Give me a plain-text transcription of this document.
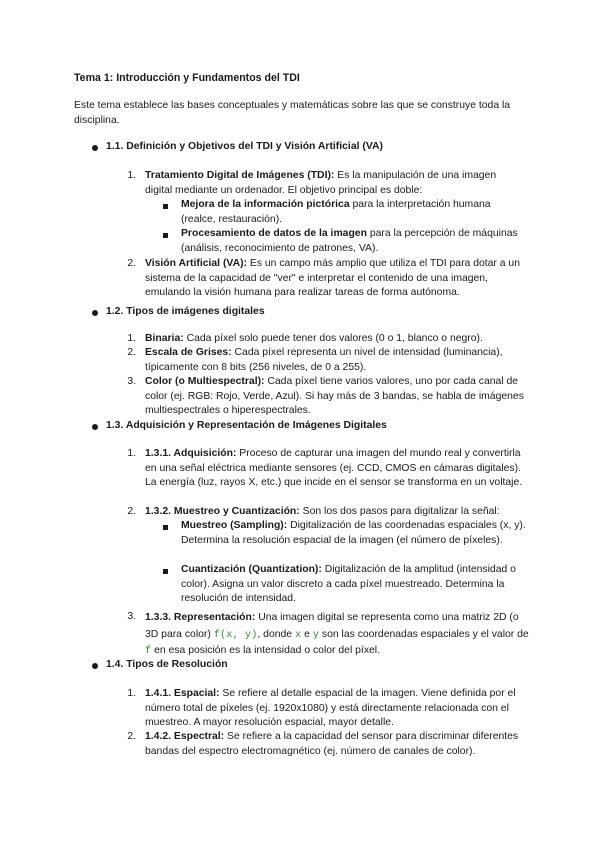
Tema 1: Introducción y Fundamentos del TDI
Este tema establece las bases conceptuales y matemáticas sobre las que se construye toda la disciplina.
1.1. Definición y Objetivos del TDI y Visión Artificial (VA)
1. Tratamiento Digital de Imágenes (TDI): Es la manipulación de una imagen digital mediante un ordenador. El objetivo principal es doble:
Mejora de la información pictórica para la interpretación humana (realce, restauración).
Procesamiento de datos de la imagen para la percepción de máquinas (análisis, reconocimiento de patrones, VA).
2. Visión Artificial (VA): Es un campo más amplio que utiliza el TDI para dotar a un sistema de la capacidad de "ver" e interpretar el contenido de una imagen, emulando la visión humana para realizar tareas de forma autónoma.
1.2. Tipos de imágenes digitales
1. Binaria: Cada píxel solo puede tener dos valores (0 o 1, blanco o negro).
2. Escala de Grises: Cada píxel representa un nivel de intensidad (luminancia), típicamente con 8 bits (256 niveles, de 0 a 255).
3. Color (o Multiespectral): Cada píxel tiene varios valores, uno por cada canal de color (ej. RGB: Rojo, Verde, Azul). Si hay más de 3 bandas, se habla de imágenes multiespectrales o hiperespectrales.
1.3. Adquisición y Representación de Imágenes Digitales
1. 1.3.1. Adquisición: Proceso de capturar una imagen del mundo real y convertirla en una señal eléctrica mediante sensores (ej. CCD, CMOS en cámaras digitales). La energía (luz, rayos X, etc.) que incide en el sensor se transforma en un voltaje.
2. 1.3.2. Muestreo y Cuantización: Son los dos pasos para digitalizar la señal:
Muestreo (Sampling): Digitalización de las coordenadas espaciales (x, y). Determina la resolución espacial de la imagen (el número de píxeles).
Cuantización (Quantization): Digitalización de la amplitud (intensidad o color). Asigna un valor discreto a cada píxel muestreado. Determina la resolución de intensidad.
3. 1.3.3. Representación: Una imagen digital se representa como una matriz 2D (o 3D para color) f(x, y), donde x e y son las coordenadas espaciales y el valor de f en esa posición es la intensidad o color del píxel.
1.4. Tipos de Resolución
1. 1.4.1. Espacial: Se refiere al detalle espacial de la imagen. Viene definida por el número total de píxeles (ej. 1920x1080) y está directamente relacionada con el muestreo. A mayor resolución espacial, mayor detalle.
2. 1.4.2. Espectral: Se refiere a la capacidad del sensor para discriminar diferentes bandas del espectro electromagnético (ej. número de canales de color).
